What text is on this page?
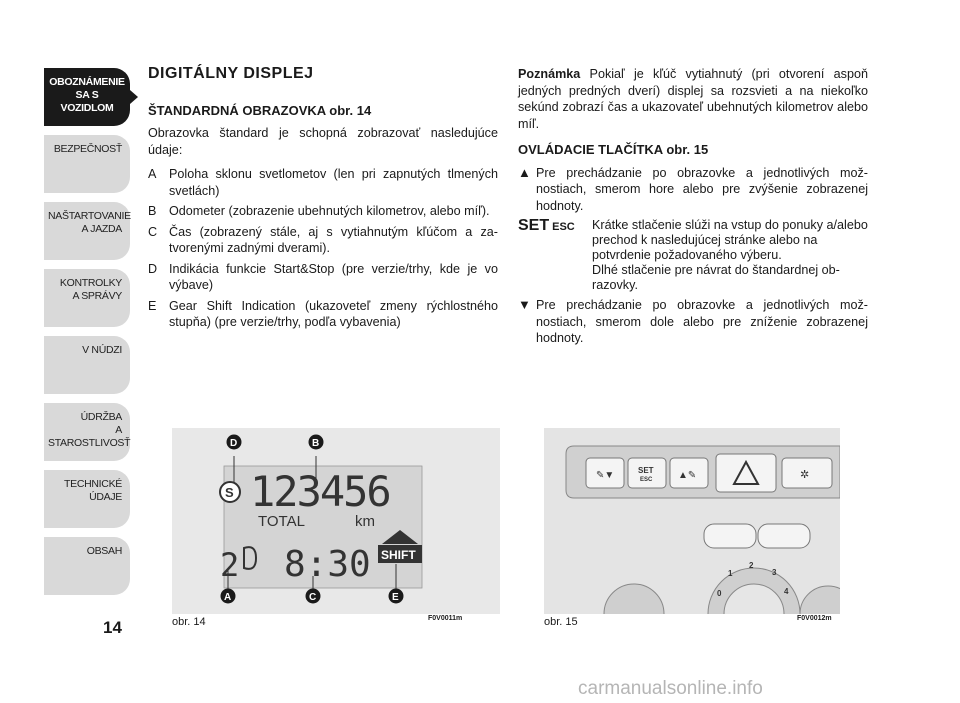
OBOZNÁMENIE
SA S VOZIDLOM
BEZPEČNOSŤ
NAŠTARTOVANIE
A JAZDA
KONTROLKY
A SPRÁVY
V NÚDZI
ÚDRŽBA
A STAROSTLIVOSŤ
TECHNICKÉ
ÚDAJE
OBSAH
14
DIGITÁLNY DISPLEJ
ŠTANDARDNÁ OBRAZOVKA obr. 14

Obrazovka štandard je schopná zobrazovať nasledujúce údaje:

A Poloha sklonu svetlometov (len pri zapnutých tlmených svetlách)
B Odometer (zobrazenie ubehnutých kilometrov, alebo míľ).
C Čas (zobrazený stále, aj s vytiahnutým kľúčom a za-tvorenými zadnými dverami).
D Indikácia funkcie Start&Stop (pre verzie/trhy, kde je vo výbave)
E Gear Shift Indication (ukazoveteľ zmeny rýchlostného stupňa) (pre verzie/trhy, podľa vybavenia)

Poznámka Pokiaľ je kľúč vytiahnutý (pri otvorení aspoň jedných predných dverí) displej sa rozsvieti a na niekoľko sekúnd zobrazí čas a ukazovateľ ubehnutých kilometrov alebo míľ.

OVLÁDACIE TLAČÍTKA obr. 15
▲ Pre prechádzanie po obrazovke a jednotlivých mož-nostiach, smerom hore alebo pre zvýšenie zobrazenej hodnoty.
SET ESC	Krátke stlačenie slúži na vstup do ponuky a/alebo prechod k nasledujúcej stránke alebo na potvrdenie požadovaného výberu.
Dlhé stlačenie pre návrat do štandardnej ob-razovky.
▼ Pre prechádzanie po obrazovke a jednotlivých mož-nostiach, smerom dole alebo pre zníženie zobrazenej hodnoty.
123456
TOTAL	km
S
2 8:30 SHIFT
D	B
A	C	E
obr. 14	F0V0011m
✎▼	SET
ESC	▲✎	✲
0
1
2
3
4
obr. 15	F0V0012m
carmanualsonline.info
